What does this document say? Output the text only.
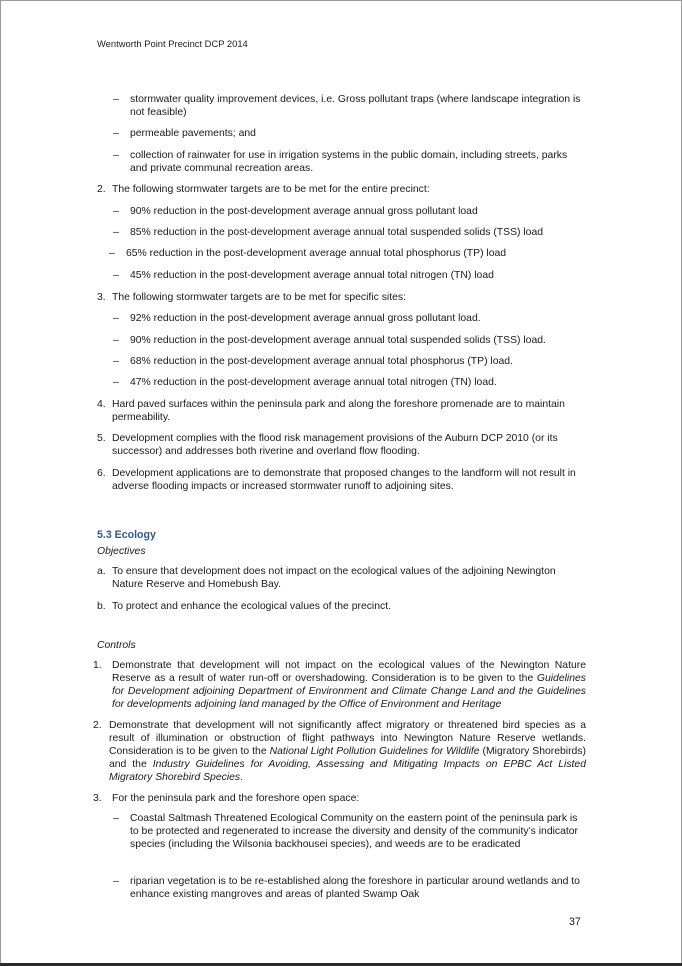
Wentworth Point Precinct DCP 2014
–	stormwater quality improvement devices, i.e. Gross pollutant traps (where landscape integration is not feasible)
–	permeable pavements; and
–	collection of rainwater for use in irrigation systems in the public domain, including streets, parks and private communal recreation areas.
2. The following stormwater targets are to be met for the entire precinct:
–	90% reduction in the post-development average annual gross pollutant load
–	85% reduction in the post-development average annual total suspended solids (TSS) load
–	65% reduction in the post-development average annual total phosphorus (TP) load
–	45% reduction in the post-development average annual total nitrogen (TN) load
3. The following stormwater targets are to be met for specific sites:
–	92% reduction in the post-development average annual gross pollutant load.
–	90% reduction in the post-development average annual total suspended solids (TSS) load.
–	68% reduction in the post-development average annual total phosphorus (TP) load.
–	47% reduction in the post-development average annual total nitrogen (TN) load.
4. Hard paved surfaces within the peninsula park and along the foreshore promenade are to maintain permeability.
5. Development complies with the flood risk management provisions of the Auburn DCP 2010 (or its successor) and addresses both riverine and overland flow flooding.
6. Development applications are to demonstrate that proposed changes to the landform will not result in adverse flooding impacts or increased stormwater runoff to adjoining sites.
5.3 Ecology
Objectives
a. To ensure that development does not impact on the ecological values of the adjoining Newington Nature Reserve and Homebush Bay.
b. To protect and enhance the ecological values of the precinct.
Controls
1. Demonstrate that development will not impact on the ecological values of the Newington Nature Reserve as a result of water run-off or overshadowing. Consideration is to be given to the Guidelines for Development adjoining Department of Environment and Climate Change Land and the Guidelines for developments adjoining land managed by the Office of Environment and Heritage
2. Demonstrate that development will not significantly affect migratory or threatened bird species as a result of illumination or obstruction of flight pathways into Newington Nature Reserve wetlands. Consideration is to be given to the National Light Pollution Guidelines for Wildlife (Migratory Shorebirds) and the Industry Guidelines for Avoiding, Assessing and Mitigating Impacts on EPBC Act Listed Migratory Shorebird Species.
3. For the peninsula park and the foreshore open space:
–	Coastal Saltmash Threatened Ecological Community on the eastern point of the peninsula park is to be protected and regenerated to increase the diversity and density of the community’s indicator species (including the Wilsonia backhousei species), and weeds are to be eradicated
–	riparian vegetation is to be re-established along the foreshore in particular around wetlands and to enhance existing mangroves and areas of planted Swamp Oak
37
